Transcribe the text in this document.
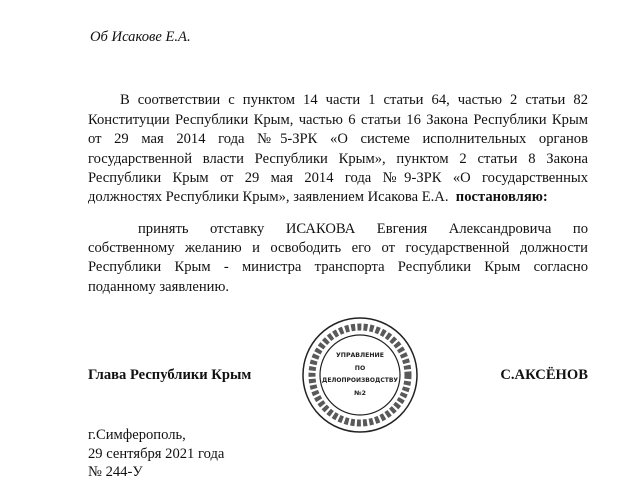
Об Исакове Е.А.
В соответствии с пунктом 14 части 1 статьи 64, частью 2 статьи 82
Конституции Республики Крым, частью 6 статьи 16 Закона Республики Крым
от 29 мая 2014 года №5-ЗРК «О системе исполнительных органов
государственной власти Республики Крым», пунктом 2 статьи 8 Закона
Республики Крым от 29 мая 2014 года №9-ЗРК «О государственных
должностях Республики Крым», заявлением Исакова Е.А. постановляю:
принять отставку ИСАКОВА Евгения Александровича по
собственному желанию и освободить его от государственной должности
Республики Крым - министра транспорта Республики Крым согласно
поданному заявлению.
Глава Республики Крым	С.АКСЁНОВ
УПРАВЛЕНИЕ
ПО
ДЕЛОПРОИЗВОДСТВУ
№2
г.Симферополь,
29 сентября 2021 года
№ 244-У
